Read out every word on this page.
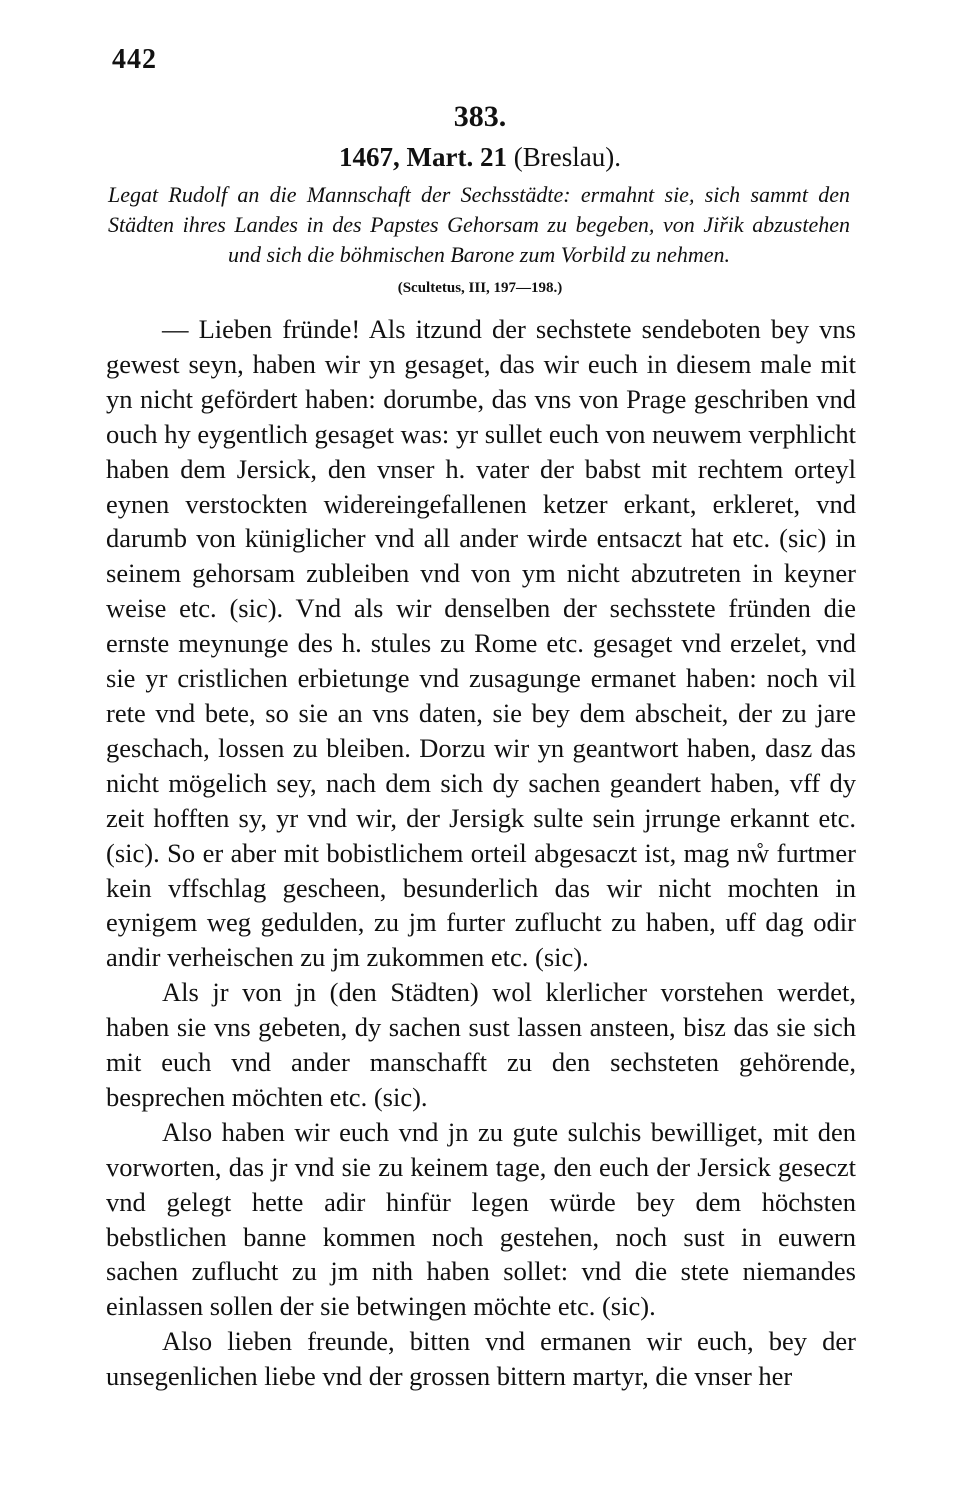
442
383.
1467, Mart. 21 (Breslau).
Legat Rudolf an die Mannschaft der Sechsstädte: ermahnt sie, sich sammt den Städten ihres Landes in des Papstes Gehorsam zu begeben, von Jiřik abzustehen und sich die böhmischen Barone zum Vorbild zu nehmen.
(Scultetus, III, 197—198.)

— Lieben fründe! Als itzund der sechstete sendeboten bey vns gewest seyn, haben wir yn gesaget, das wir euch in diesem male mit yn nicht gefördert haben: dorumbe, das vns von Prage geschriben vnd ouch hy eygentlich gesaget was: yr sullet euch von neuwem verphlicht haben dem Jersick, den vnser h. vater der babst mit rechtem orteyl eynen verstockten widereingefallenen ketzer erkant, erkleret, vnd darumb von küniglicher vnd all ander wirde entsaczt hat etc. (sic) in seinem gehorsam zubleiben vnd von ym nicht abzutreten in keyner weise etc. (sic). Vnd als wir denselben der sechsstete fründen die ernste meynunge des h. stules zu Rome etc. gesaget vnd erzelet, vnd sie yr cristlichen erbietunge vnd zusagunge ermanet haben: noch vil rete vnd bete, so sie an vns daten, sie bey dem abscheit, der zu jare geschach, lossen zu bleiben. Dorzu wir yn geantwort haben, dasz das nicht mögelich sey, nach dem sich dy sachen geandert haben, vff dy zeit hofften sy, yr vnd wir, der Jersigk sulte sein jrrunge erkannt etc. (sic). So er aber mit bobistlichem orteil abgesaczt ist, mag nẘ furtmer kein vffschlag gescheen, besunderlich das wir nicht mochten in eynigem weg gedulden, zu jm furter zuflucht zu haben, uff dag odir andir verheischen zu jm zukommen etc. (sic).

Als jr von jn (den Städten) wol klerlicher vorstehen werdet, haben sie vns gebeten, dy sachen sust lassen ansteen, bisz das sie sich mit euch vnd ander manschafft zu den sechsteten gehörende, besprechen möchten etc. (sic).

Also haben wir euch vnd jn zu gute sulchis bewilliget, mit den vorworten, das jr vnd sie zu keinem tage, den euch der Jersick geseczt vnd gelegt hette adir hinfür legen würde bey dem höchsten bebstlichen banne kommen noch gestehen, noch sust in euwern sachen zuflucht zu jm nith haben sollet: vnd die stete niemandes einlassen sollen der sie betwingen möchte etc. (sic).

Also lieben freunde, bitten vnd ermanen wir euch, bey der unsegenlichen liebe vnd der grossen bittern martyr, die vnser her
